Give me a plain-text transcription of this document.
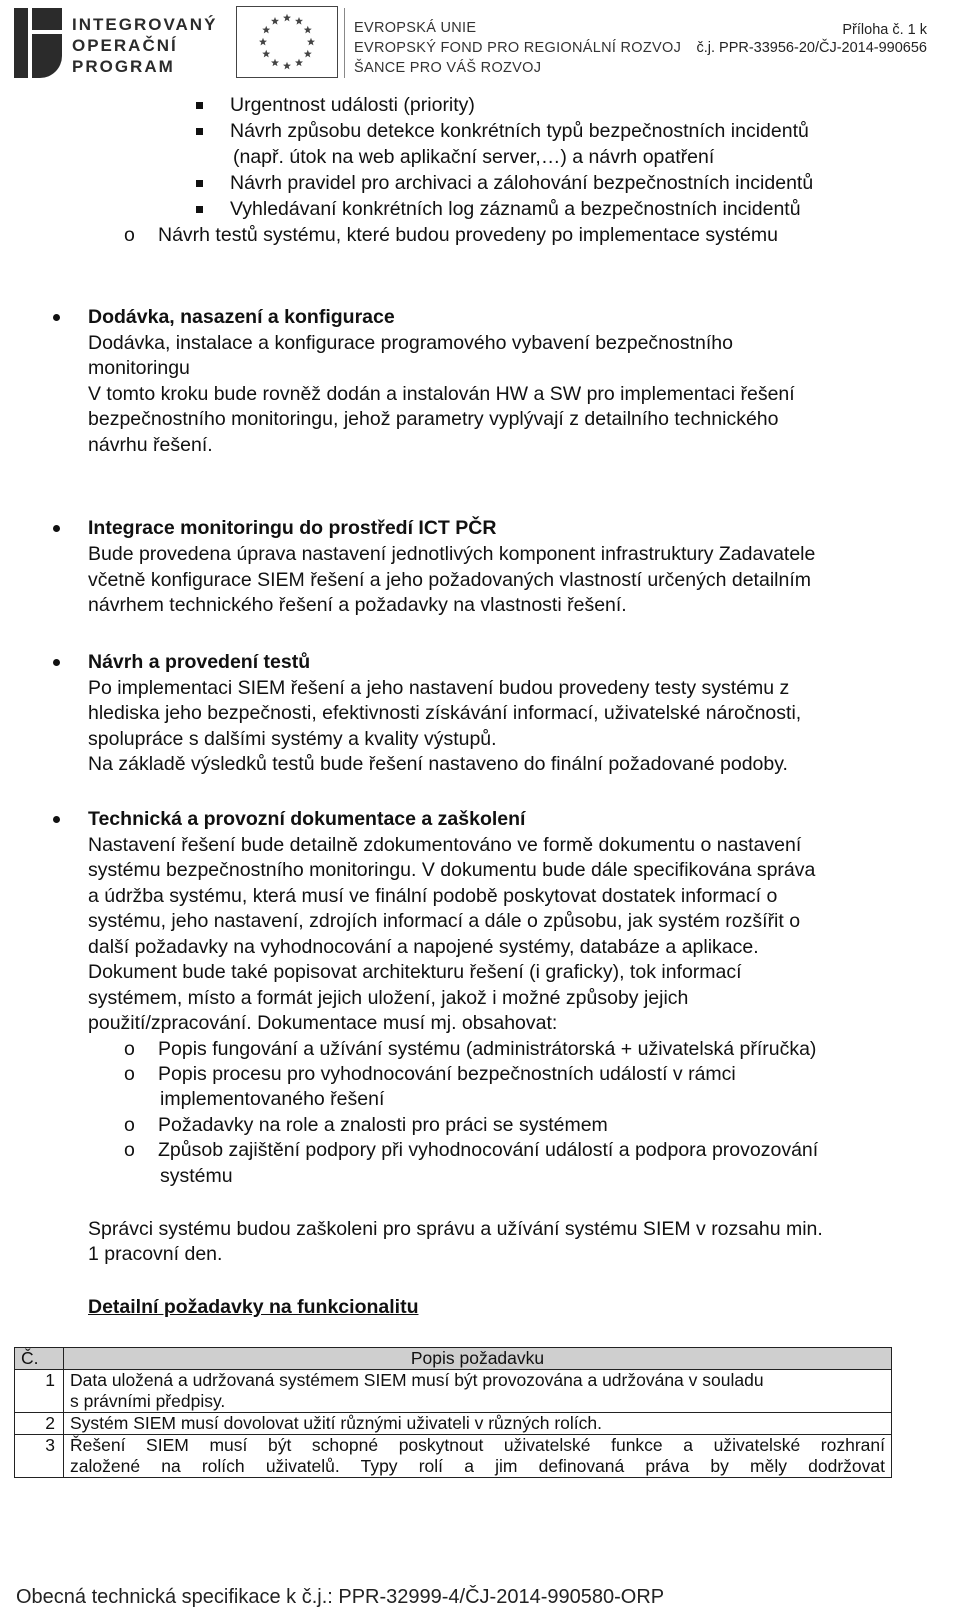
INTEGROVANÝ
OPERAČNÍ
PROGRAM
EVROPSKÁ UNIE
EVROPSKÝ FOND PRO REGIONÁLNÍ ROZVOJ
ŠANCE PRO VÁŠ ROZVOJ
Příloha č. 1 k
č.j. PPR-33956-20/ČJ-2014-990656
Urgentnost události (priority)
Návrh způsobu detekce konkrétních typů bezpečnostních incidentů
(např. útok na web aplikační server,…) a návrh opatření
Návrh pravidel pro archivaci a zálohování bezpečnostních incidentů
Vyhledávaní konkrétních log záznamů a bezpečnostních incidentů
o Návrh testů systému, které budou provedeny po implementace systému
Dodávka, nasazení a konfigurace
Dodávka, instalace a konfigurace programového vybavení bezpečnostního
monitoringu
V tomto kroku bude rovněž dodán a instalován HW a SW pro implementaci řešení
bezpečnostního monitoringu, jehož parametry vyplývají z detailního technického
návrhu řešení.
Integrace monitoringu do prostředí ICT PČR
Bude provedena úprava nastavení jednotlivých komponent infrastruktury Zadavatele
včetně konfigurace SIEM řešení a jeho požadovaných vlastností určených detailním
návrhem technického řešení a požadavky na vlastnosti řešení.
Návrh a provedení testů
Po implementaci SIEM řešení a jeho nastavení budou provedeny testy systému z
hlediska jeho bezpečnosti, efektivnosti získávání informací, uživatelské náročnosti,
spolupráce s dalšími systémy a kvality výstupů.
Na základě výsledků testů bude řešení nastaveno do finální požadované podoby.
Technická a provozní dokumentace a zaškolení
Nastavení řešení bude detailně zdokumentováno ve formě dokumentu o nastavení
systému bezpečnostního monitoringu. V dokumentu bude dále specifikována správa
a údržba systému, která musí ve finální podobě poskytovat dostatek informací o
systému, jeho nastavení, zdrojích informací a dále o způsobu, jak systém rozšířit o
další požadavky na vyhodnocování a napojené systémy, databáze a aplikace.
Dokument bude také popisovat architekturu řešení (i graficky), tok informací
systémem, místo a formát jejich uložení, jakož i možné způsoby jejich
použití/zpracování. Dokumentace musí mj. obsahovat:
o Popis fungování a užívání systému (administrátorská + uživatelská příručka)
o Popis procesu pro vyhodnocování bezpečnostních událostí v rámci
implementovaného řešení
o Požadavky na role a znalosti pro práci se systémem
o Způsob zajištění podpory při vyhodnocování událostí a podpora provozování
systému
Správci systému budou zaškoleni pro správu a užívání systému SIEM v rozsahu min.
1 pracovní den.
Detailní požadavky na funkcionalitu
Č.	Popis požadavku
1	Data uložená a udržovaná systémem SIEM musí být provozována a udržována v souladu
s právními předpisy.

2	Systém SIEM musí dovolovat užití různými uživateli v různých rolích.

3	Řešení SIEM musí být schopné poskytnout uživatelské funkce a uživatelské rozhraní
založené na rolích uživatelů. Typy rolí a jim definovaná práva by měly dodržovat
Obecná technická specifikace k č.j.: PPR-32999-4/ČJ-2014-990580-ORP
